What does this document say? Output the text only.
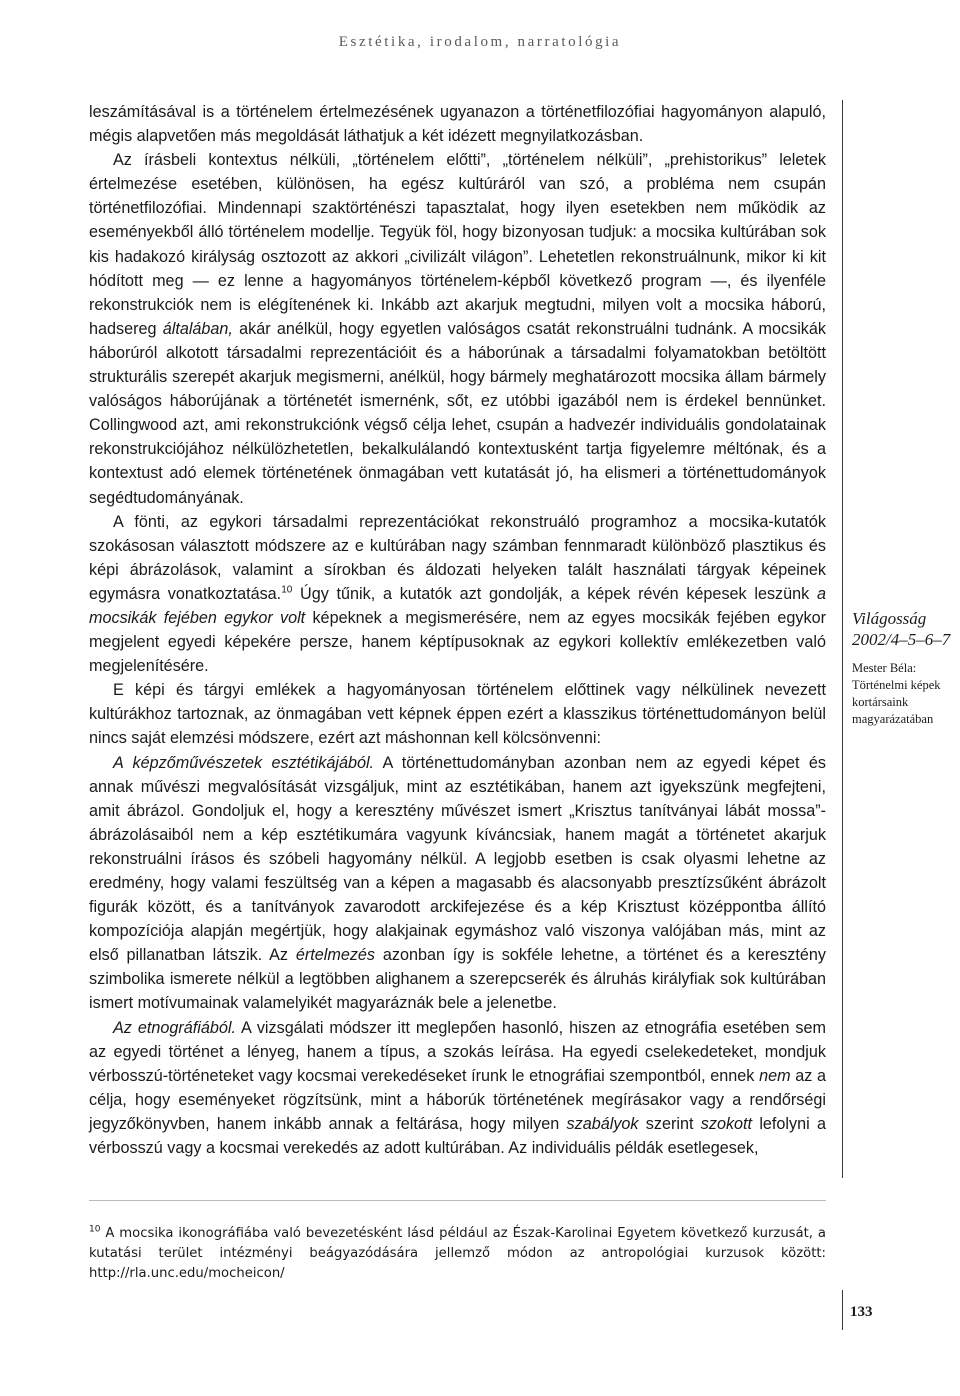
Esztétika, irodalom, narratológia

leszámításával is a történelem értelmezésének ugyanazon a történetfilozófiai hagyományon alapuló, mégis alapvetően más megoldását láthatjuk a két idézett megnyilatkozásban.

Az írásbeli kontextus nélküli, „történelem előtti”, „történelem nélküli”, „prehistorikus” leletek értelmezése esetében, különösen, ha egész kultúráról van szó, a probléma nem csupán történetfilozófiai. Mindennapi szaktörténészi tapasztalat, hogy ilyen esetekben nem működik az eseményekből álló történelem modellje. Tegyük föl, hogy bizonyosan tudjuk: a mocsika kultúrában sok kis hadakozó királyság osztozott az akkori „civilizált világon”. Lehetetlen rekonstruálnunk, mikor ki kit hódított meg — ez lenne a hagyományos történelem-képből következő program —, és ilyenféle rekonstrukciók nem is elégítenének ki. Inkább azt akarjuk megtudni, milyen volt a mocsika háború, hadsereg általában, akár anélkül, hogy egyetlen valóságos csatát rekonstruálni tudnánk. A mocsikák háborúról alkotott társadalmi reprezentációit és a háborúnak a társadalmi folyamatokban betöltött strukturális szerepét akarjuk megismerni, anélkül, hogy bármely meghatározott mocsika állam bármely valóságos háborújának a történetét ismernénk, sőt, ez utóbbi igazából nem is érdekel bennünket. Collingwood azt, ami rekonstrukciónk végső célja lehet, csupán a hadvezér individuális gondolatainak rekonstrukciójához nélkülözhetetlen, bekalkulálandó kontextusként tartja figyelemre méltónak, és a kontextust adó elemek történetének önmagában vett kutatását jó, ha elismeri a történettudományok segédtudományának.

A fönti, az egykori társadalmi reprezentációkat rekonstruáló programhoz a mocsika-kutatók szokásosan választott módszere az e kultúrában nagy számban fennmaradt különböző plasztikus és képi ábrázolások, valamint a sírokban és áldozati helyeken talált használati tárgyak képeinek egymásra vonatkoztatása.$^{10}$ Úgy tűnik, a kutatók azt gondolják, a képek révén képesek leszünk a mocsikák fejében egykor volt képeknek a megismerésére, nem az egyes mocsikák fejében egykor megjelent egyedi képekére persze, hanem képtípusoknak az egykori kollektív emlékezetben való megjelenítésére.

E képi és tárgyi emlékek a hagyományosan történelem előttinek vagy nélkülinek nevezett kultúrákhoz tartoznak, az önmagában vett képnek éppen ezért a klasszikus történettudományon belül nincs saját elemzési módszere, ezért azt máshonnan kell kölcsönvenni:

A képzőművészetek esztétikájából. A történettudományban azonban nem az egyedi képet és annak művészi megvalósítását vizsgáljuk, mint az esztétikában, hanem azt igyekszünk megfejteni, amit ábrázol. Gondoljuk el, hogy a keresztény művészet ismert „Krisztus tanítványai lábát mossa”-ábrázolásaiból nem a kép esztétikumára vagyunk kíváncsiak, hanem magát a történetet akarjuk rekonstruálni írásos és szóbeli hagyomány nélkül. A legjobb esetben is csak olyasmi lehetne az eredmény, hogy valami feszültség van a képen a magasabb és alacsonyabb presztízsűként ábrázolt figurák között, és a tanítványok zavarodott arckifejezése és a kép Krisztust középpontba állító kompozíciója alapján megértjük, hogy alakjainak egymáshoz való viszonya valójában más, mint az első pillanatban látszik. Az értelmezés azonban így is sokféle lehetne, a történet és a keresztény szimbolika ismerete nélkül a legtöbben alighanem a szerepcserék és álruhás királyfiak sok kultúrában ismert motívumainak valamelyikét magyaráznák bele a jelenetbe.

Az etnográfiából. A vizsgálati módszer itt meglepően hasonló, hiszen az etnográfia esetében sem az egyedi történet a lényeg, hanem a típus, a szokás leírása. Ha egyedi cselekedeteket, mondjuk vérbosszú-történeteket vagy kocsmai verekedéseket írunk le etnográfiai szempontból, ennek nem az a célja, hogy eseményeket rögzítsünk, mint a háborúk történetének megírásakor vagy a rendőrségi jegyzőkönyvben, hanem inkább annak a feltárása, hogy milyen szabályok szerint szokott lefolyni a vérbosszú vagy a kocsmai verekedés az adott kultúrában. Az individuális példák esetlegesek,

Világosság
2002/4–5–6–7
Mester Béla:
Történelmi képek kortársaink magyarázatában
$^{10}$ A mocsika ikonográfiába való bevezetésként lásd például az Észak-Karolinai Egyetem következő kurzusát, a kutatási terület intézményi beágyazódására jellemző módon az antropológiai kurzusok között: http://rla.unc.edu/mocheicon/
133
